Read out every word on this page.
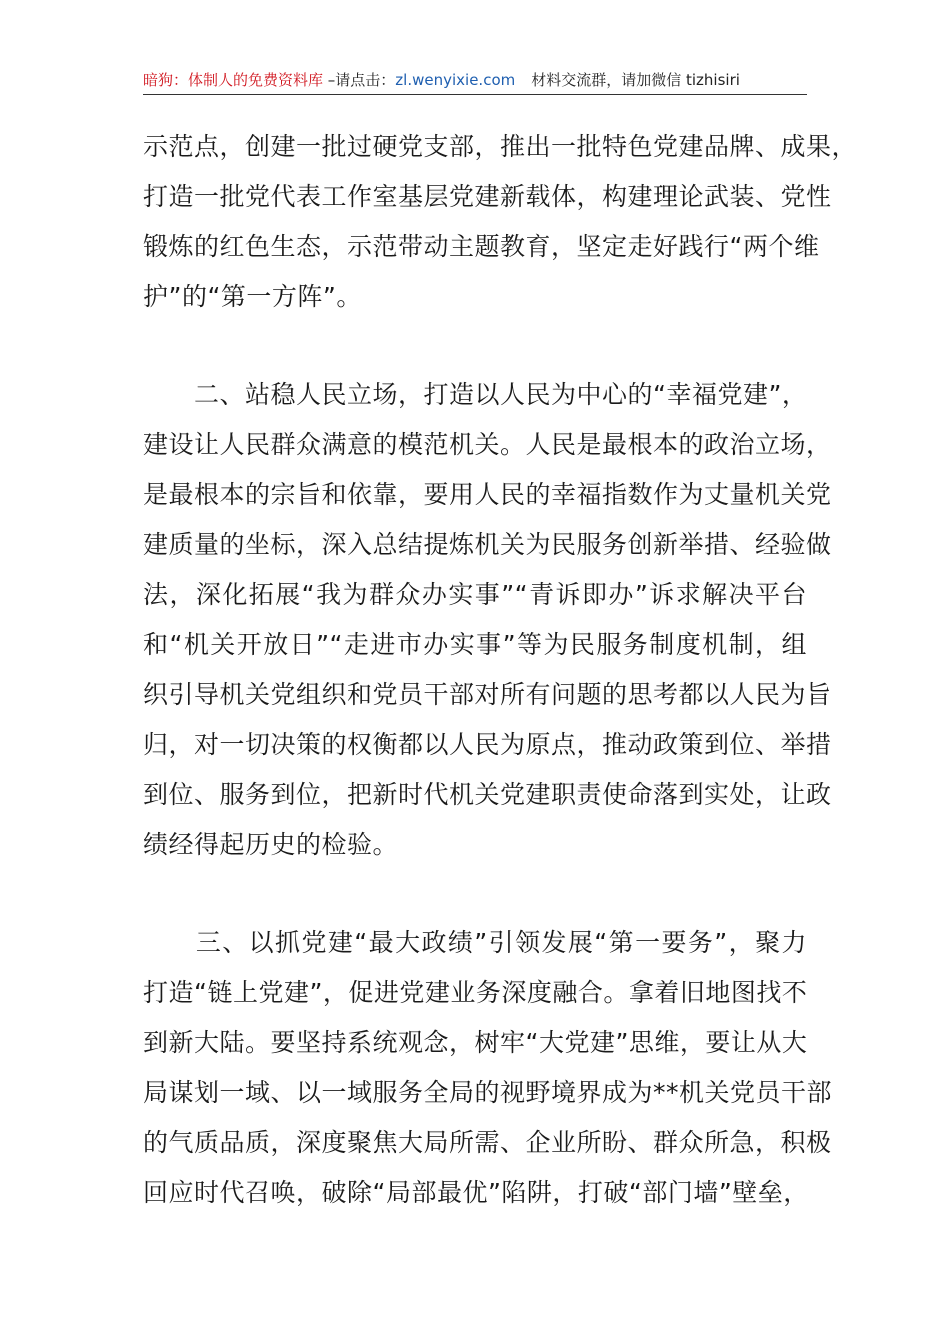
暗狗：体制人的免费资料库 –请点击：zl.wenyixie.com 材料交流群，请加微信 tizhisiri
示范点，创建一批过硬党支部，推出一批特色党建品牌、成果，
打造一批党代表工作室基层党建新载体，构建理论武装、党性
锻炼的红色生态，示范带动主题教育，坚定走好践行“两个维
护”的“第一方阵”。
　　二、站稳人民立场，打造以人民为中心的“幸福党建”，
建设让人民群众满意的模范机关。人民是最根本的政治立场，
是最根本的宗旨和依靠，要用人民的幸福指数作为丈量机关党
建质量的坐标，深入总结提炼机关为民服务创新举措、经验做
法，深化拓展“我为群众办实事”“青诉即办”诉求解决平台
和“机关开放日”“走进市办实事”等为民服务制度机制，组
织引导机关党组织和党员干部对所有问题的思考都以人民为旨
归，对一切决策的权衡都以人民为原点，推动政策到位、举措
到位、服务到位，把新时代机关党建职责使命落到实处，让政
绩经得起历史的检验。
　　三、以抓党建“最大政绩”引领发展“第一要务”，聚力
打造“链上党建”，促进党建业务深度融合。拿着旧地图找不
到新大陆。要坚持系统观念，树牢“大党建”思维，要让从大
局谋划一域、以一域服务全局的视野境界成为**机关党员干部
的气质品质，深度聚焦大局所需、企业所盼、群众所急，积极
回应时代召唤，破除“局部最优”陷阱，打破“部门墙”壁垒，
